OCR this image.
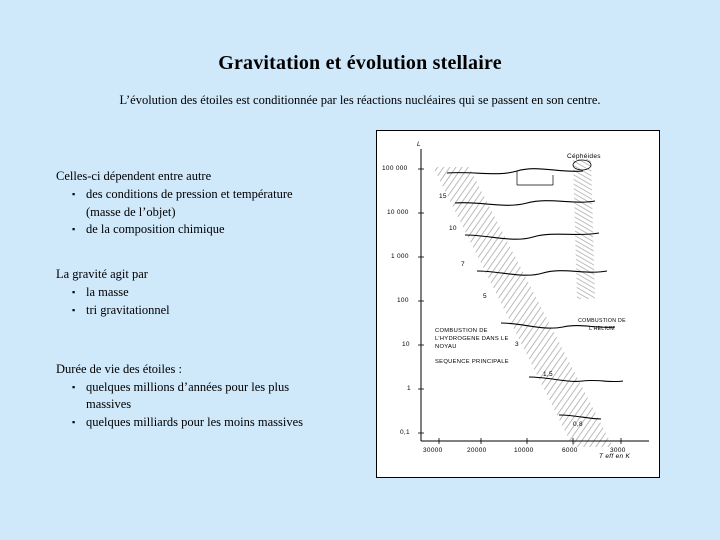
Gravitation et évolution stellaire
L’évolution des étoiles est conditionnée par les réactions nucléaires qui se passent en son centre.

Celles-ci dépendent entre autre

▪ des conditions de pression et température
(masse de l’objet)
▪ de la composition chimique

La gravité agit par

▪ la masse
▪ tri gravitationnel

Durée de vie des étoiles :

▪ quelques millions d’années pour les plus
massives
▪ quelques milliards pour les moins massives
L
T eff en K
100 000
10 000
1 000
100
10
1
0,1
30000	20000	10000	6000	3000
15
10
7
5
3
1,5
0,8
Céphéides
COMBUSTION DE L’HYDROGENE DANS LE NOYAU
SEQUENCE PRINCIPALE
COMBUSTION DE L’HELIUM
